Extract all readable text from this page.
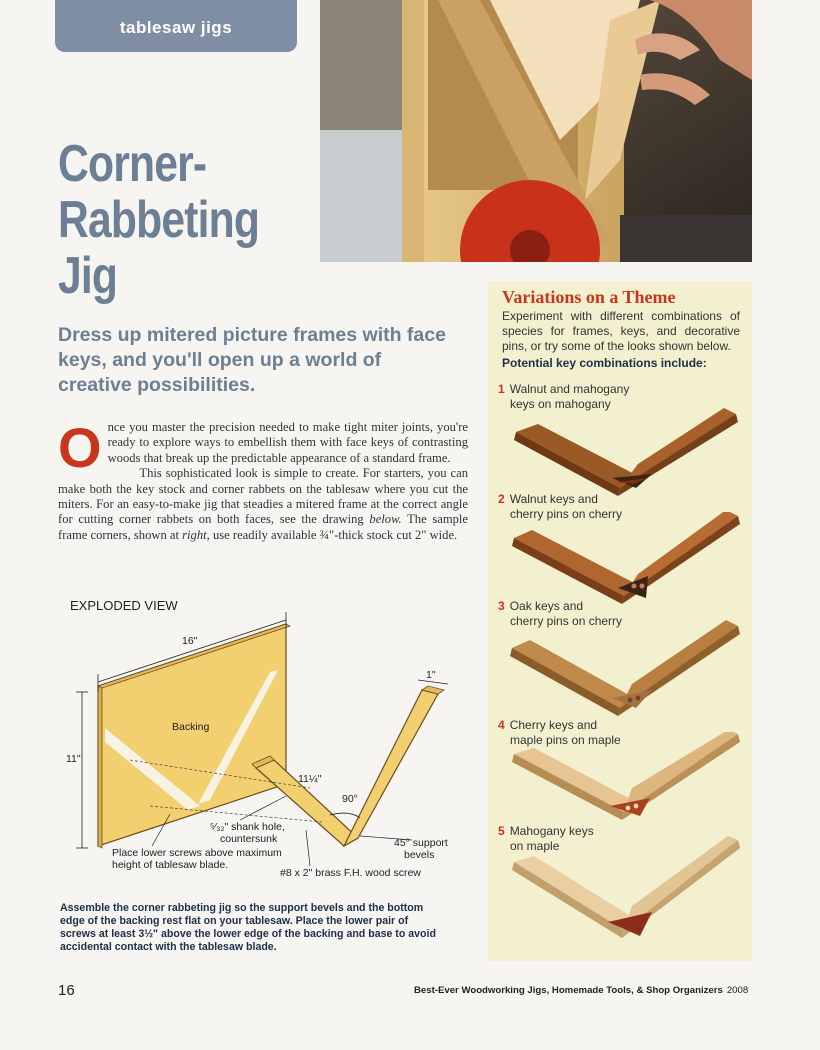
tablesaw jigs
Corner-
Rabbeting
Jig
Dress up mitered picture frames with face keys, and you'll open up a world of creative possibilities.
Once you master the precision needed to make tight miter joints, you're ready to explore ways to embellish them with face keys of contrasting woods that break up the predictable appearance of a standard frame.
This sophisticated look is simple to create. For starters, you can make both the key stock and corner rabbets on the tablesaw where you cut the miters. For an easy-to-make jig that steadies a mitered frame at the correct angle for cutting corner rabbets on both faces, see the drawing below. The sample frame corners, shown at right, use readily available ¾"-thick stock cut 2" wide.
EXPLODED VIEW
16"
11"
Backing
1"
11¼"
90°
⁵⁄₃₂" shank hole,
countersunk
Place lower screws above maximum
height of tablesaw blade.
45° support
bevels
#8 x 2" brass F.H. wood screw
Assemble the corner rabbeting jig so the support bevels and the bottom edge of the backing rest flat on your tablesaw. Place the lower pair of screws at least 3½" above the lower edge of the backing and base to avoid accidental contact with the tablesaw blade.
Variations on a Theme
Experiment with different combinations of species for frames, keys, and decorative pins, or try some of the looks shown below.
Potential key combinations include:
1 Walnut and mahogany
keys on mahogany
2 Walnut keys and
cherry pins on cherry
3 Oak keys and
cherry pins on cherry
4 Cherry keys and
maple pins on maple
5 Mahogany keys
on maple
16	Best-Ever Woodworking Jigs, Homemade Tools, & Shop Organizers 2008
